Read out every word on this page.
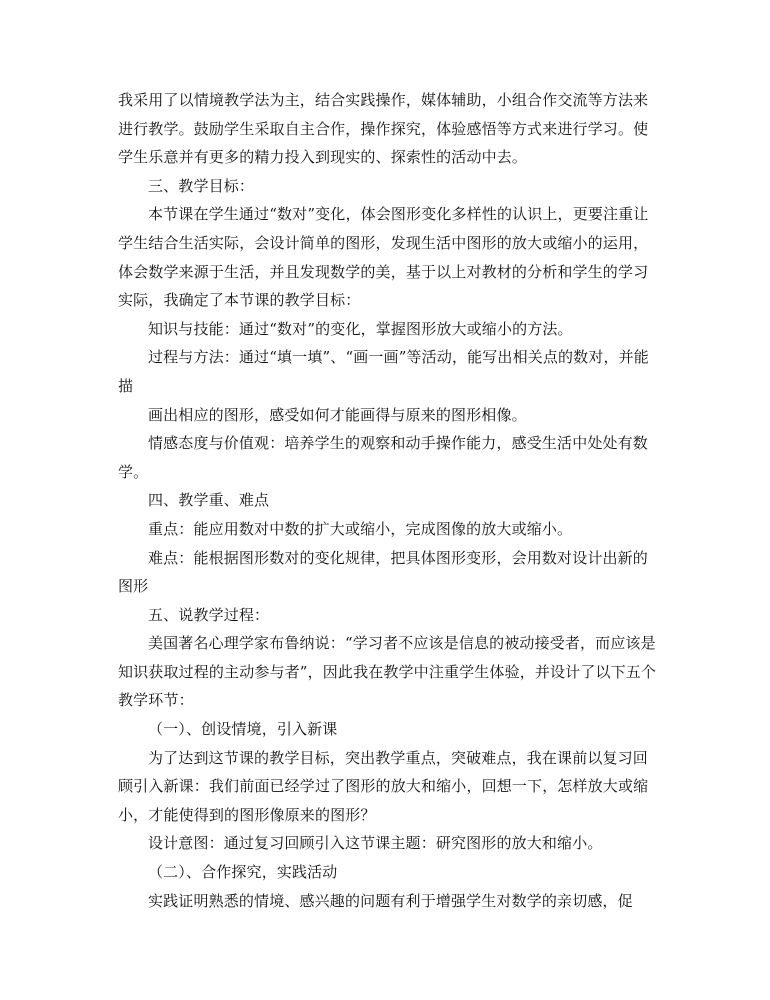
我采用了以情境教学法为主，结合实践操作，媒体辅助，小组合作交流等方法来进行教学。鼓励学生采取自主合作，操作探究，体验感悟等方式来进行学习。使学生乐意并有更多的精力投入到现实的、探索性的活动中去。

三、教学目标：

本节课在学生通过“数对”变化，体会图形变化多样性的认识上，更要注重让学生结合生活实际，会设计简单的图形，发现生活中图形的放大或缩小的运用，体会数学来源于生活，并且发现数学的美，基于以上对教材的分析和学生的学习实际，我确定了本节课的教学目标：

知识与技能：通过“数对”的变化，掌握图形放大或缩小的方法。

过程与方法：通过“填一填”、“画一画”等活动，能写出相关点的数对，并能描

画出相应的图形，感受如何才能画得与原来的图形相像。

情感态度与价值观：培养学生的观察和动手操作能力，感受生活中处处有数学。

四、教学重、难点

重点：能应用数对中数的扩大或缩小，完成图像的放大或缩小。

难点：能根据图形数对的变化规律，把具体图形变形，会用数对设计出新的图形

五、说教学过程：

美国著名心理学家布鲁纳说：“学习者不应该是信息的被动接受者，而应该是知识获取过程的主动参与者”，因此我在教学中注重学生体验，并设计了以下五个教学环节：

（一）、创设情境，引入新课

为了达到这节课的教学目标，突出教学重点，突破难点，我在课前以复习回顾引入新课：我们前面已经学过了图形的放大和缩小，回想一下，怎样放大或缩小，才能使得到的图形像原来的图形？

设计意图：通过复习回顾引入这节课主题：研究图形的放大和缩小。

（二）、合作探究，实践活动

实践证明熟悉的情境、感兴趣的问题有利于增强学生对数学的亲切感，促
